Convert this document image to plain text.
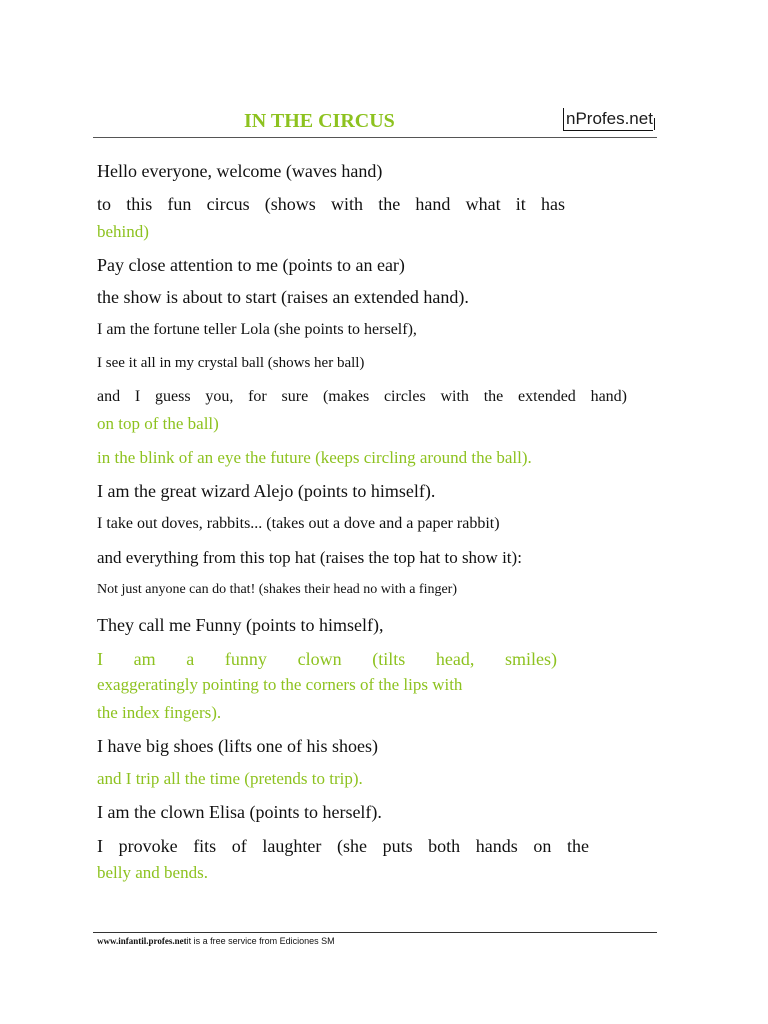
IN THE CIRCUS	nProfes.net
Hello everyone, welcome (waves hand)
to this fun circus (shows with the hand what it has
behind)
Pay close attention to me (points to an ear)
the show is about to start (raises an extended hand).
I am the fortune teller Lola (she points to herself),
I see it all in my crystal ball (shows her ball)
and I guess you, for sure (makes circles with the extended hand)
on top of the ball)
in the blink of an eye the future (keeps circling around the ball).
I am the great wizard Alejo (points to himself).
I take out doves, rabbits... (takes out a dove and a paper rabbit)
and everything from this top hat (raises the top hat to show it):
Not just anyone can do that! (shakes their head no with a finger)
They call me Funny (points to himself),
I am a funny clown (tilts head, smiles)
exaggeratingly pointing to the corners of the lips with
the index fingers).
I have big shoes (lifts one of his shoes)
and I trip all the time (pretends to trip).
I am the clown Elisa (points to herself).
I provoke fits of laughter (she puts both hands on the
belly and bends.
www.infantil.profes.netit is a free service from Ediciones SM
